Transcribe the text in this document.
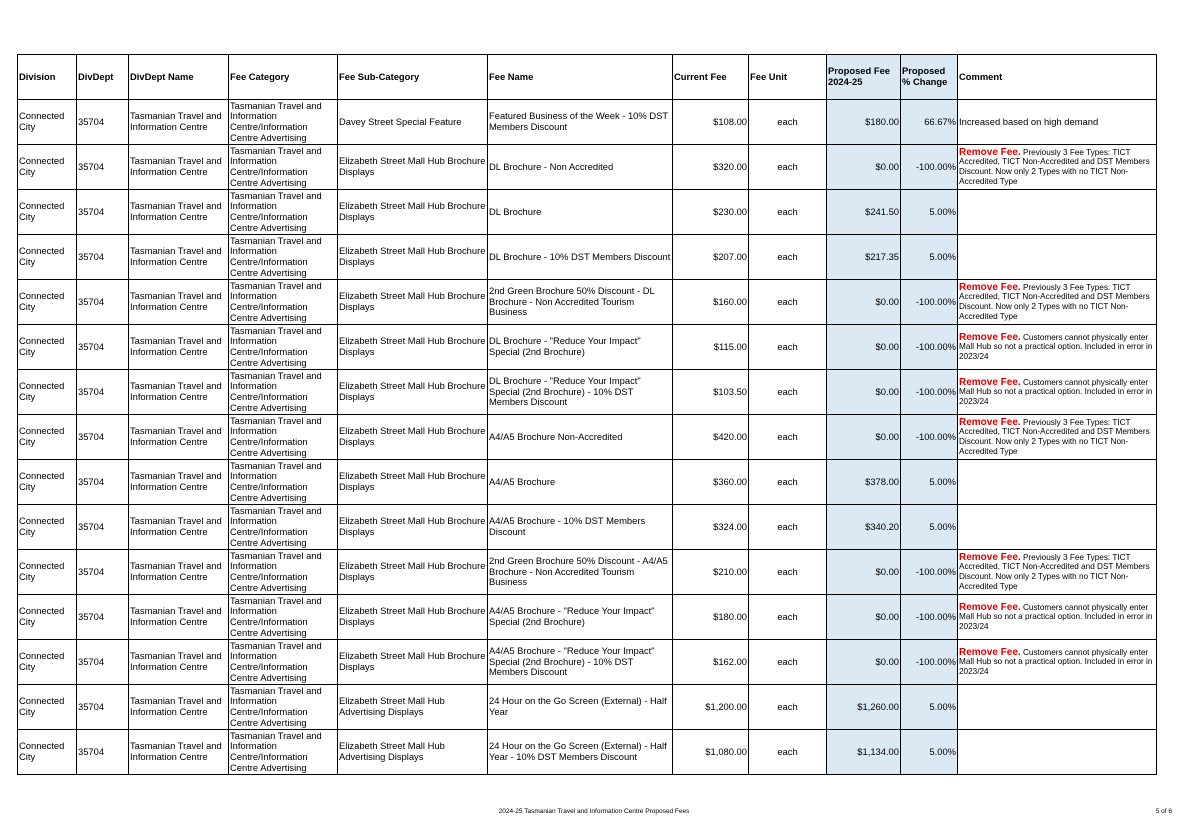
Division	DivDept	DivDept Name	Fee Category	Fee Sub-Category	Fee Name	Current Fee	Fee Unit	Proposed Fee 2024-25	Proposed % Change	Comment
Connected City	35704	Tasmanian Travel and Information Centre	Tasmanian Travel and Information Centre/Information Centre Advertising	Davey Street Special Feature	Featured Business of the Week - 10% DST Members Discount	$108.00	each	$180.00	66.67%	Increased based on high demand
Connected City	35704	Tasmanian Travel and Information Centre	Tasmanian Travel and Information Centre/Information Centre Advertising	Elizabeth Street Mall Hub Brochure Displays	DL Brochure - Non Accredited	$320.00	each	$0.00	-100.00%	Remove Fee. Previously 3 Fee Types: TICT Accredited, TICT Non-Accredited and DST Members Discount. Now only 2 Types with no TICT Non-Accredited Type
Connected City	35704	Tasmanian Travel and Information Centre	Tasmanian Travel and Information Centre/Information Centre Advertising	Elizabeth Street Mall Hub Brochure Displays	DL Brochure	$230.00	each	$241.50	5.00%	
Connected City	35704	Tasmanian Travel and Information Centre	Tasmanian Travel and Information Centre/Information Centre Advertising	Elizabeth Street Mall Hub Brochure Displays	DL Brochure - 10% DST Members Discount	$207.00	each	$217.35	5.00%	
Connected City	35704	Tasmanian Travel and Information Centre	Tasmanian Travel and Information Centre/Information Centre Advertising	Elizabeth Street Mall Hub Brochure Displays	2nd Green Brochure 50% Discount - DL Brochure - Non Accredited Tourism Business	$160.00	each	$0.00	-100.00%	Remove Fee. Previously 3 Fee Types: TICT Accredited, TICT Non-Accredited and DST Members Discount. Now only 2 Types with no TICT Non-Accredited Type
Connected City	35704	Tasmanian Travel and Information Centre	Tasmanian Travel and Information Centre/Information Centre Advertising	Elizabeth Street Mall Hub Brochure Displays	DL Brochure - "Reduce Your Impact" Special (2nd Brochure)	$115.00	each	$0.00	-100.00%	Remove Fee. Customers cannot physically enter Mall Hub so not a practical option. Included in error in 2023/24
Connected City	35704	Tasmanian Travel and Information Centre	Tasmanian Travel and Information Centre/Information Centre Advertising	Elizabeth Street Mall Hub Brochure Displays	DL Brochure - "Reduce Your Impact" Special (2nd Brochure) - 10% DST Members Discount	$103.50	each	$0.00	-100.00%	Remove Fee. Customers cannot physically enter Mall Hub so not a practical option. Included in error in 2023/24
Connected City	35704	Tasmanian Travel and Information Centre	Tasmanian Travel and Information Centre/Information Centre Advertising	Elizabeth Street Mall Hub Brochure Displays	A4/A5 Brochure Non-Accredited	$420.00	each	$0.00	-100.00%	Remove Fee. Previously 3 Fee Types: TICT Accredited, TICT Non-Accredited and DST Members Discount. Now only 2 Types with no TICT Non-Accredited Type
Connected City	35704	Tasmanian Travel and Information Centre	Tasmanian Travel and Information Centre/Information Centre Advertising	Elizabeth Street Mall Hub Brochure Displays	A4/A5 Brochure	$360.00	each	$378.00	5.00%	
Connected City	35704	Tasmanian Travel and Information Centre	Tasmanian Travel and Information Centre/Information Centre Advertising	Elizabeth Street Mall Hub Brochure Displays	A4/A5 Brochure - 10% DST Members Discount	$324.00	each	$340.20	5.00%	
Connected City	35704	Tasmanian Travel and Information Centre	Tasmanian Travel and Information Centre/Information Centre Advertising	Elizabeth Street Mall Hub Brochure Displays	2nd Green Brochure 50% Discount - A4/A5 Brochure - Non Accredited Tourism Business	$210.00	each	$0.00	-100.00%	Remove Fee. Previously 3 Fee Types: TICT Accredited, TICT Non-Accredited and DST Members Discount. Now only 2 Types with no TICT Non-Accredited Type
Connected City	35704	Tasmanian Travel and Information Centre	Tasmanian Travel and Information Centre/Information Centre Advertising	Elizabeth Street Mall Hub Brochure Displays	A4/A5 Brochure - "Reduce Your Impact" Special (2nd Brochure)	$180.00	each	$0.00	-100.00%	Remove Fee. Customers cannot physically enter Mall Hub so not a practical option. Included in error in 2023/24
Connected City	35704	Tasmanian Travel and Information Centre	Tasmanian Travel and Information Centre/Information Centre Advertising	Elizabeth Street Mall Hub Brochure Displays	A4/A5 Brochure - "Reduce Your Impact" Special (2nd Brochure) - 10% DST Members Discount	$162.00	each	$0.00	-100.00%	Remove Fee. Customers cannot physically enter Mall Hub so not a practical option. Included in error in 2023/24
Connected City	35704	Tasmanian Travel and Information Centre	Tasmanian Travel and Information Centre/Information Centre Advertising	Elizabeth Street Mall Hub Advertising Displays	24 Hour on the Go Screen (External) - Half Year	$1,200.00	each	$1,260.00	5.00%	
Connected City	35704	Tasmanian Travel and Information Centre	Tasmanian Travel and Information Centre/Information Centre Advertising	Elizabeth Street Mall Hub Advertising Displays	24 Hour on the Go Screen (External) - Half Year - 10% DST Members Discount	$1,080.00	each	$1,134.00	5.00%	
2024-25 Tasmanian Travel and Information Centre Proposed Fees	5 of 6
